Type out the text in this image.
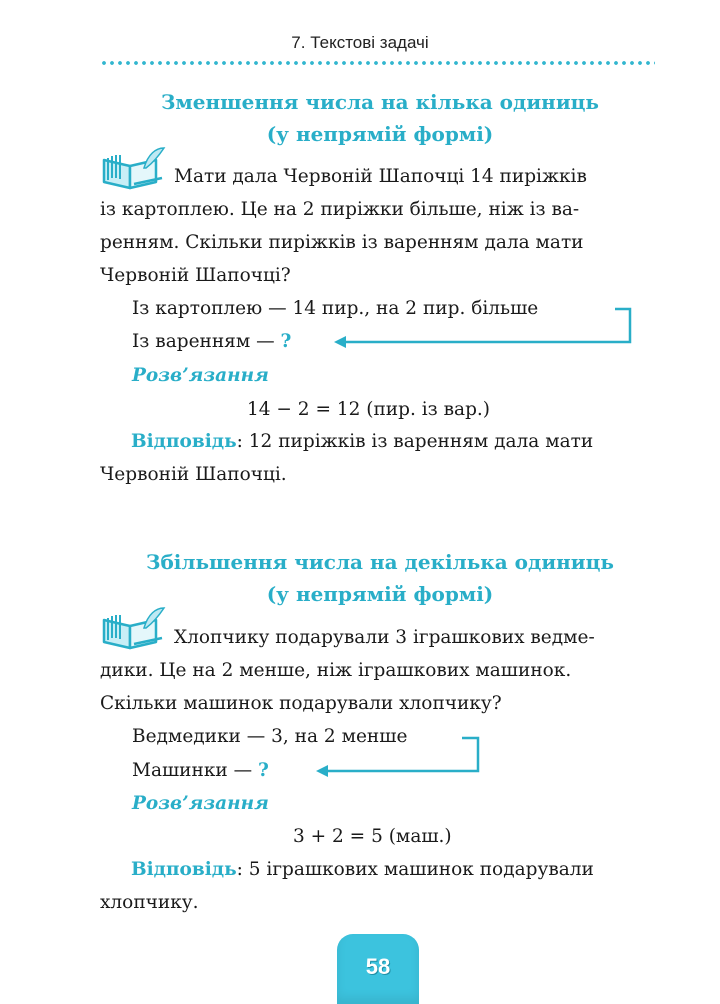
7. Текстові задачі
Зменшення числа на кілька одиниць
(у непрямій формі)

Мати дала Червоній Шапочці 14 пиріжків
із картоплею. Це на 2 пиріжки більше, ніж із ва-
ренням. Скільки пиріжків із варенням дала мати
Червоній Шапочці?

Із картоплею — 14 пир., на 2 пир. більше
Із варенням — ?
Розв’язання
14 − 2 = 12 (пир. із вар.)

Відповідь: 12 пиріжків із варенням дала мати
Червоній Шапочці.

Збільшення числа на декілька одиниць
(у непрямій формі)

Хлопчику подарували 3 іграшкових ведме-
дики. Це на 2 менше, ніж іграшкових машинок.
Скільки машинок подарували хлопчику?

Ведмедики — 3, на 2 менше
Машинки — ?
Розв’язання
3 + 2 = 5 (маш.)

Відповідь: 5 іграшкових машинок подарували
хлопчику.

58
